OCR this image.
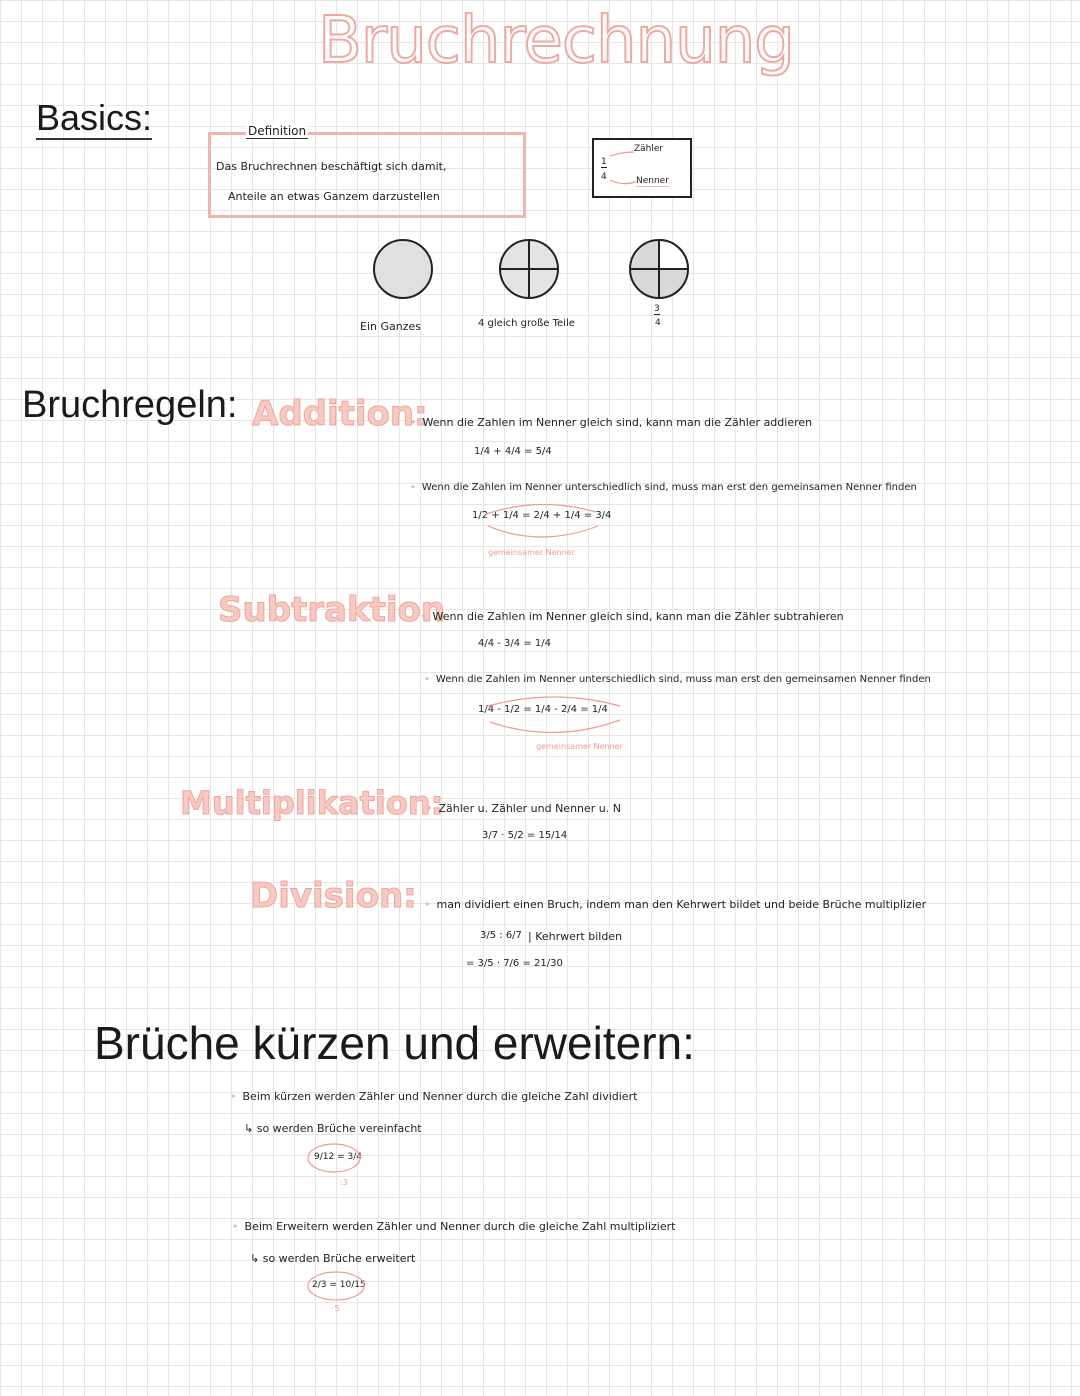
Bruchrechnung
Basics:	Definition
Das Bruchrechnen beschäftigt sich damit,
Anteile an etwas Ganzem darzustellen
1
4
Zähler
Nenner
Ein Ganzes	4 gleich große Teile
3
4
Bruchregeln: Addition:
• Wenn die Zahlen im Nenner gleich sind, kann man die Zähler addieren
1/4 + 4/4 = 5/4
• Wenn die Zahlen im Nenner unterschiedlich sind, muss man erst den gemeinsamen Nenner finden
1/2 + 1/4 = 2/4 + 1/4 = 3/4
gemeinsamer Nenner
Subtraktion
• Wenn die Zahlen im Nenner gleich sind, kann man die Zähler subtrahieren
4/4 - 3/4 = 1/4
• Wenn die Zahlen im Nenner unterschiedlich sind, muss man erst den gemeinsamen Nenner finden
1/4 - 1/2 = 1/4 - 2/4 = 1/4
gemeinsamer Nenner
Multiplikation:
• Zähler u. Zähler und Nenner u. N
3/7 · 5/2 = 15/14
Division:
•	man dividiert einen Bruch, indem man den Kehrwert bildet und beide Brüche multiplizier
3/5 : 6/7 | Kehrwert bilden
= 3/5 · 7/6 = 21/30
Brüche kürzen und erweitern:
• Beim kürzen werden Zähler und Nenner durch die gleiche Zahl dividiert
↳ so werden Brüche vereinfacht
9/12 = 3/4
:3
• Beim Erweitern werden Zähler und Nenner durch die gleiche Zahl multipliziert
↳ so werden Brüche erweitert
2/3 = 10/15
·5
